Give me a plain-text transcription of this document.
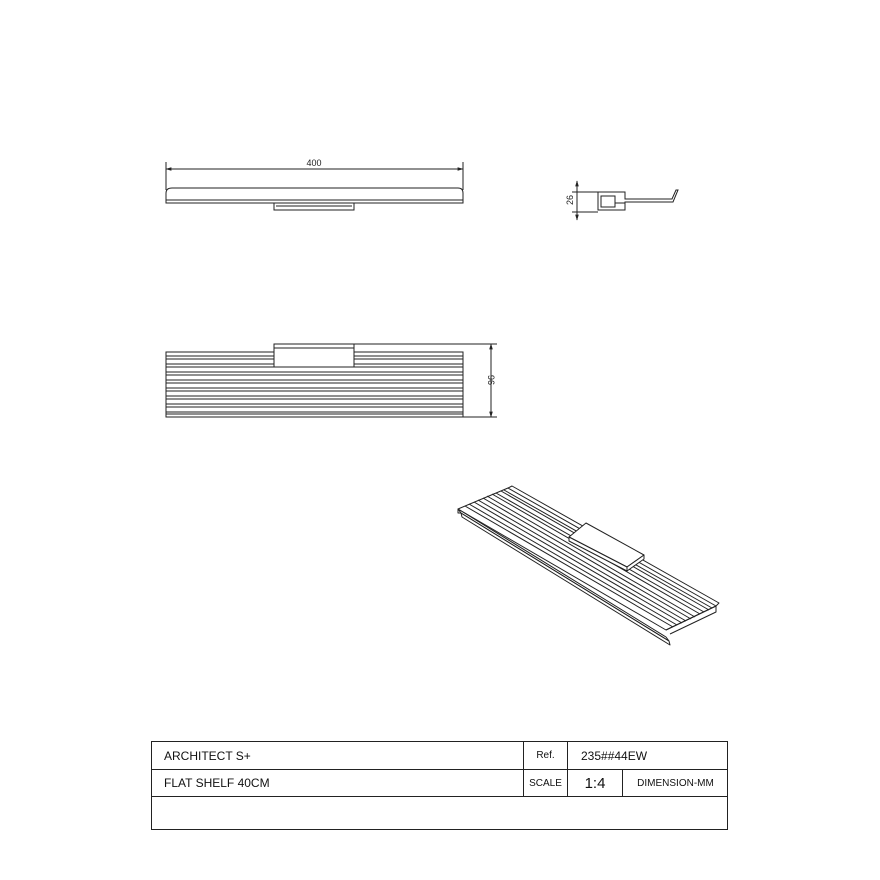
400
26
96
ARCHITECT S+	Ref.	235##44EW
FLAT SHELF 40CM	SCALE	1:4	DIMENSION-MM
